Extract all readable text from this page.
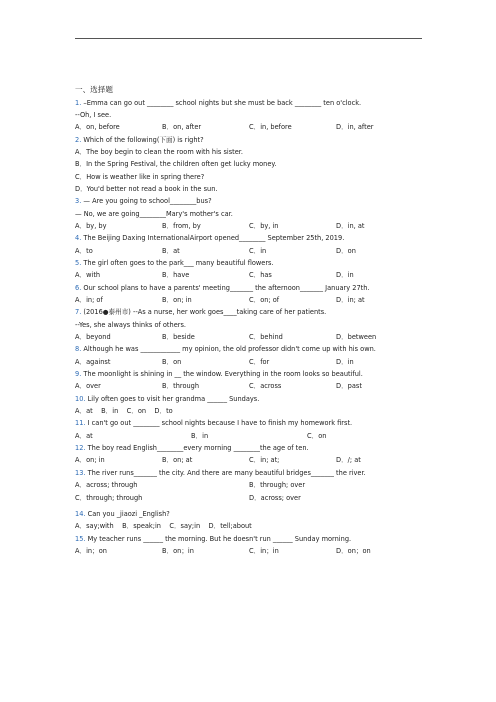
一、选择题
1. –Emma can go out ________ school nights but she must be back ________ ten o'clock.
--Oh, I see.
A．on, before	B．on, after	C．in, before	D．in, after
2. Which of the following(下面) is right?
A．The boy begin to clean the room with his sister.
B．In the Spring Festival, the children often get lucky money.
C．How is weather like in spring there?
D．You'd better not read a book in the sun.
3. — Are you going to school________bus?
— No, we are going________Mary's mother's car.
A．by, by	B．from, by	C．by, in	D．in, at
4. The Beijing Daxing InternationalAirport opened________ September 25th, 2019.
A．to	B．at	C．in	D．on
5. The girl often goes to the park___ many beautiful flowers.
A．with	B．have	C．has	D．in
6. Our school plans to have a parents' meeting_______ the afternoon_______ January 27th.
A．in; of	B．on; in	C．on; of	D．in; at
7. (2016●泰州市) --As a nurse, her work goes____taking care of her patients.
--Yes, she always thinks of others.
A．beyond	B．beside	C．behind	D．between
8. Although he was ____________ my opinion, the old professor didn't come up with his own.
A．against	B．on	C．for	D．in
9. The moonlight is shining in __ the window. Everything in the room looks so beautiful.
A．over	B．through	C．across	D．past
10. Lily often goes to visit her grandma ______ Sundays.
A．at    B．in    C．on    D．to
11. I can't go out ________ school nights because I have to finish my homework first.
A．at	B．in	C．on
12. The boy read English________every morning ________the age of ten.
A．on; in	B．on; at	C．in; at;	D．/; at
13. The river runs_______ the city. And there are many beautiful bridges_______ the river.
A．across; through	B．through; over
C．through; through	D．across; over
14. Can you _jiaozi _English?
A．say;with    B．speak;in    C．say;in    D．tell;about
15. My teacher runs ______ the morning. But he doesn't run ______ Sunday morning.
A．in；on	B．on；in	C．in；in	D．on；on
